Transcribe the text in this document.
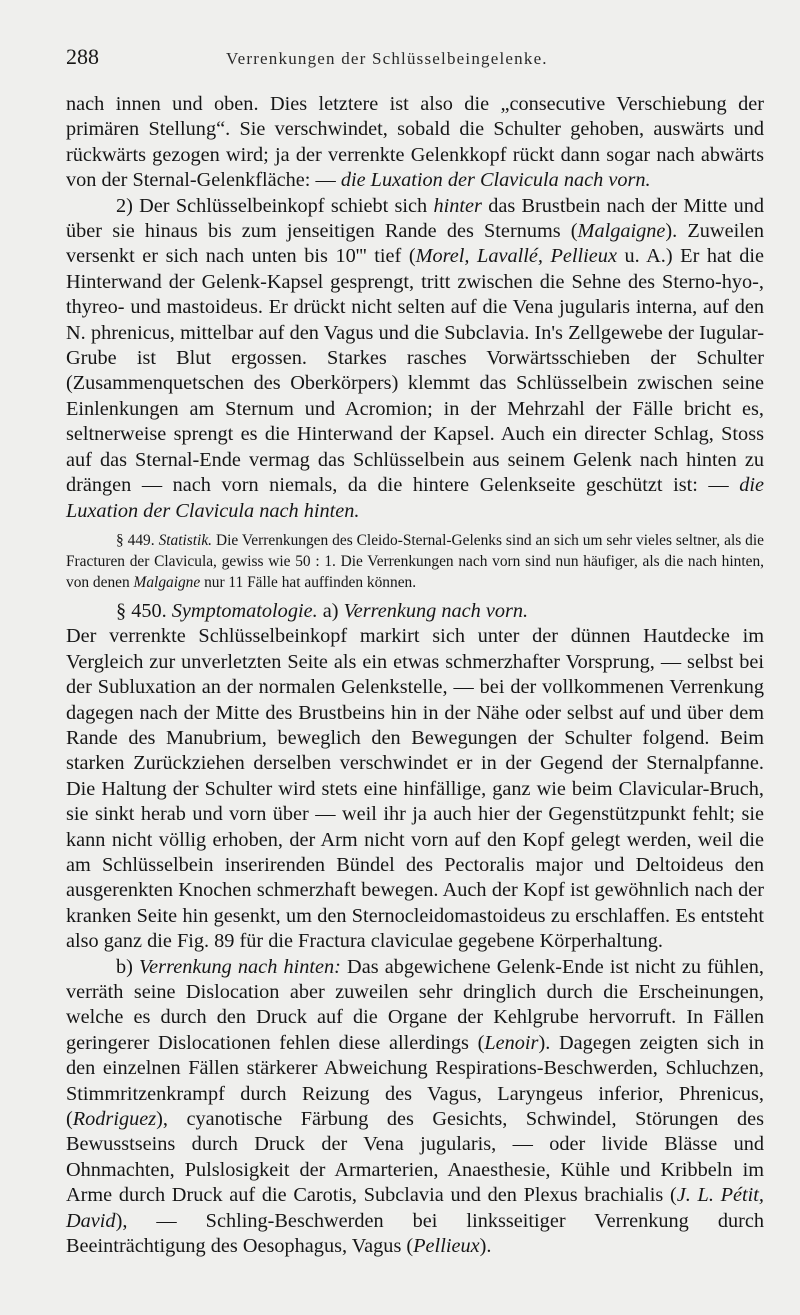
288	Verrenkungen der Schlüsselbeingelenke.

nach innen und oben. Dies letztere ist also die „consecutive Verschiebung der primären Stellung“. Sie verschwindet, sobald die Schulter gehoben, auswärts und rückwärts gezogen wird; ja der verrenkte Gelenkkopf rückt dann sogar nach abwärts von der Sternal-Gelenkfläche: — die Luxation der Clavicula nach vorn.

2) Der Schlüsselbeinkopf schiebt sich hinter das Brustbein nach der Mitte und über sie hinaus bis zum jenseitigen Rande des Sternums (Malgaigne). Zuweilen versenkt er sich nach unten bis 10''' tief (Morel, Lavallé, Pellieux u. A.) Er hat die Hinterwand der Gelenk-Kapsel gesprengt, tritt zwischen die Sehne des Sterno-hyo-, thyreo- und mastoideus. Er drückt nicht selten auf die Vena jugularis interna, auf den N. phrenicus, mittelbar auf den Vagus und die Subclavia. In's Zellgewebe der Iugular-Grube ist Blut ergossen. Starkes rasches Vorwärtsschieben der Schulter (Zusammenquetschen des Oberkörpers) klemmt das Schlüsselbein zwischen seine Einlenkungen am Sternum und Acromion; in der Mehrzahl der Fälle bricht es, seltnerweise sprengt es die Hinterwand der Kapsel. Auch ein directer Schlag, Stoss auf das Sternal-Ende vermag das Schlüsselbein aus seinem Gelenk nach hinten zu drängen — nach vorn niemals, da die hintere Gelenkseite geschützt ist: — die Luxation der Clavicula nach hinten.

§ 449. Statistik. Die Verrenkungen des Cleido-Sternal-Gelenks sind an sich um sehr vieles seltner, als die Fracturen der Clavicula, gewiss wie 50 : 1. Die Verrenkungen nach vorn sind nun häufiger, als die nach hinten, von denen Malgaigne nur 11 Fälle hat auffinden können.

§ 450. Symptomatologie. a) Verrenkung nach vorn.

Der verrenkte Schlüsselbeinkopf markirt sich unter der dünnen Hautdecke im Vergleich zur unverletzten Seite als ein etwas schmerzhafter Vorsprung, — selbst bei der Subluxation an der normalen Gelenkstelle, — bei der vollkommenen Verrenkung dagegen nach der Mitte des Brustbeins hin in der Nähe oder selbst auf und über dem Rande des Manubrium, beweglich den Bewegungen der Schulter folgend. Beim starken Zurückziehen derselben verschwindet er in der Gegend der Sternalpfanne. Die Haltung der Schulter wird stets eine hinfällige, ganz wie beim Clavicular-Bruch, sie sinkt herab und vorn über — weil ihr ja auch hier der Gegenstützpunkt fehlt; sie kann nicht völlig erhoben, der Arm nicht vorn auf den Kopf gelegt werden, weil die am Schlüsselbein inserirenden Bündel des Pectoralis major und Deltoideus den ausgerenkten Knochen schmerzhaft bewegen. Auch der Kopf ist gewöhnlich nach der kranken Seite hin gesenkt, um den Sternocleidomastoideus zu erschlaffen. Es entsteht also ganz die Fig. 89 für die Fractura claviculae gegebene Körperhaltung.

b) Verrenkung nach hinten: Das abgewichene Gelenk-Ende ist nicht zu fühlen, verräth seine Dislocation aber zuweilen sehr dringlich durch die Erscheinungen, welche es durch den Druck auf die Organe der Kehlgrube hervorruft. In Fällen geringerer Dislocationen fehlen diese allerdings (Lenoir). Dagegen zeigten sich in den einzelnen Fällen stärkerer Abweichung Respirations-Beschwerden, Schluchzen, Stimmritzenkrampf durch Reizung des Vagus, Laryngeus inferior, Phrenicus, (Rodriguez), cyanotische Färbung des Gesichts, Schwindel, Störungen des Bewusstseins durch Druck der Vena jugularis, — oder livide Blässe und Ohnmachten, Pulslosigkeit der Armarterien, Anaesthesie, Kühle und Kribbeln im Arme durch Druck auf die Carotis, Subclavia und den Plexus brachialis (J. L. Pétit, David), — Schling-Beschwerden bei linksseitiger Verrenkung durch Beeinträchtigung des Oesophagus, Vagus (Pellieux).
